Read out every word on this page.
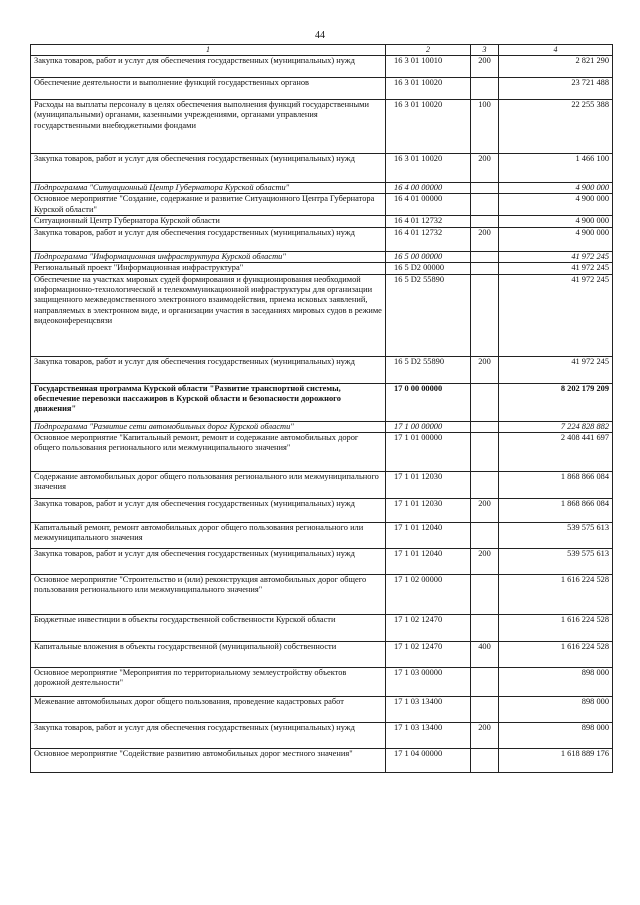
44
1	2	3	4
Закупка товаров, работ и услуг для обеспечения государственных (муниципальных) нужд	16 3 01 10010	200	2 821 290
Обеспечение деятельности и выполнение функций государственных органов	16 3 01 10020		23 721 488
Расходы на выплаты персоналу в целях обеспечения выполнения функций государственными (муниципальными) органами, казенными учреждениями, органами управления государственными внебюджетными фондами	16 3 01 10020	100	22 255 388
Закупка товаров, работ и услуг для обеспечения государственных (муниципальных) нужд	16 3 01 10020	200	1 466 100
Подпрограмма "Ситуационный Центр Губернатора Курской области"	16 4 00 00000		4 900 000
Основное мероприятие "Создание, содержание и развитие Ситуационного Центра Губернатора Курской области"	16 4 01 00000		4 900 000
Ситуационный Центр Губернатора Курской области	16 4 01 12732		4 900 000
Закупка товаров, работ и услуг для обеспечения государственных (муниципальных) нужд	16 4 01 12732	200	4 900 000
Подпрограмма "Информационная инфраструктура Курской области"	16 5 00 00000		41 972 245
Региональный проект "Информационная инфраструктура"	16 5 D2 00000		41 972 245
Обеспечение на участках мировых судей формирования и функционирования необходимой информационно-технологической и телекоммуникационной инфраструктуры для организации защищенного межведомственного электронного взаимодействия, приема исковых заявлений, направляемых в электронном виде, и организации участия в заседаниях мировых судов в режиме видеоконференцсвязи	16 5 D2 55890		41 972 245
Закупка товаров, работ и услуг для обеспечения государственных (муниципальных) нужд	16 5 D2 55890	200	41 972 245
Государственная программа Курской области "Развитие транспортной системы, обеспечение перевозки пассажиров в Курской области и безопасности дорожного движения"	17 0 00 00000		8 202 179 209
Подпрограмма "Развитие сети автомобильных дорог Курской области"	17 1 00 00000		7 224 828 882
Основное мероприятие "Капитальный ремонт, ремонт и содержание автомобильных дорог общего пользования регионального или межмуниципального значения"	17 1 01 00000		2 408 441 697
Содержание автомобильных дорог общего пользования регионального или межмуниципального значения	17 1 01 12030		1 868 866 084
Закупка товаров, работ и услуг для обеспечения государственных (муниципальных) нужд	17 1 01 12030	200	1 868 866 084
Капитальный ремонт, ремонт автомобильных дорог общего пользования регионального или межмуниципального значения	17 1 01 12040		539 575 613
Закупка товаров, работ и услуг для обеспечения государственных (муниципальных) нужд	17 1 01 12040	200	539 575 613
Основное мероприятие "Строительство и (или) реконструкция автомобильных дорог общего пользования регионального или межмуниципального значения"	17 1 02 00000		1 616 224 528
Бюджетные инвестиции в объекты государственной собственности Курской области	17 1 02 12470		1 616 224 528
Капитальные вложения в объекты государственной (муниципальной) собственности	17 1 02 12470	400	1 616 224 528
Основное мероприятие "Мероприятия по территориальному землеустройству объектов дорожной деятельности"	17 1 03 00000		898 000
Межевание автомобильных дорог общего пользования, проведение кадастровых работ	17 1 03 13400		898 000
Закупка товаров, работ и услуг для обеспечения государственных (муниципальных) нужд	17 1 03 13400	200	898 000
Основное мероприятие "Содействие развитию автомобильных дорог местного значения"	17 1 04 00000		1 618 889 176
